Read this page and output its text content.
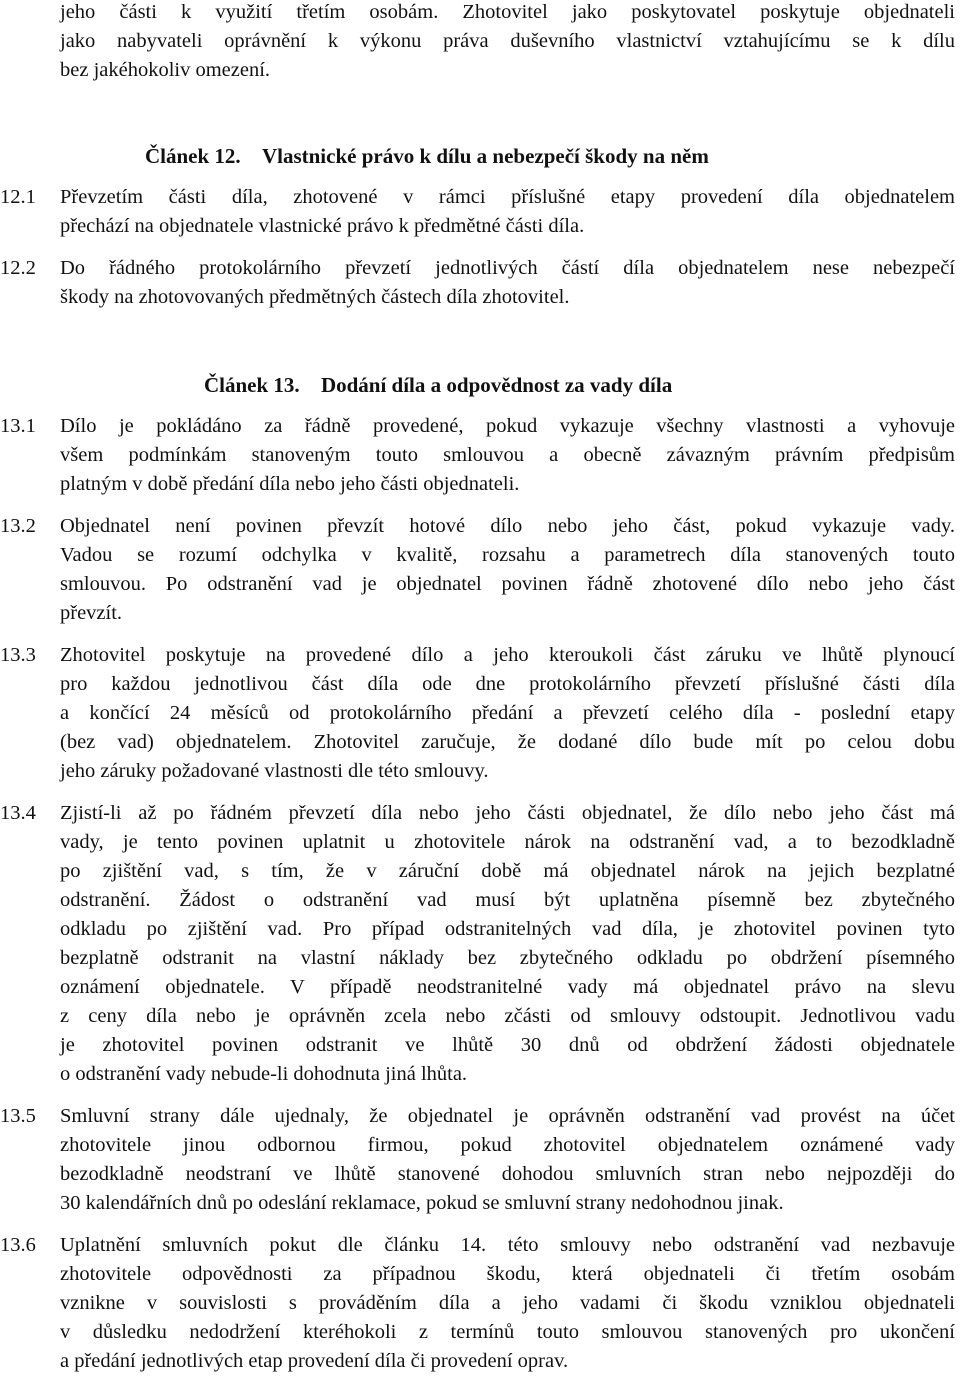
jeho části k využití třetím osobám. Zhotovitel jako poskytovatel poskytuje objednateli
jako nabyvateli oprávnění k výkonu práva duševního vlastnictví vztahujícímu se k dílu
bez jakéhokoliv omezení.
Článek 12. Vlastnické právo k dílu a nebezpečí škody na něm
12.1	Převzetím části díla, zhotovené v rámci příslušné etapy provedení díla objednatelem
přechází na objednatele vlastnické právo k předmětné části díla.
12.2	Do řádného protokolárního převzetí jednotlivých částí díla objednatelem nese nebezpečí
škody na zhotovovaných předmětných částech díla zhotovitel.
Článek 13. Dodání díla a odpovědnost za vady díla
13.1	Dílo je pokládáno za řádně provedené, pokud vykazuje všechny vlastnosti a vyhovuje
všem podmínkám stanoveným touto smlouvou a obecně závazným právním předpisům
platným v době předání díla nebo jeho části objednateli.
13.2	Objednatel není povinen převzít hotové dílo nebo jeho část, pokud vykazuje vady.
Vadou se rozumí odchylka v kvalitě, rozsahu a parametrech díla stanovených touto
smlouvou. Po odstranění vad je objednatel povinen řádně zhotovené dílo nebo jeho část
převzít.
13.3	Zhotovitel poskytuje na provedené dílo a jeho kteroukoli část záruku ve lhůtě plynoucí
pro každou jednotlivou část díla ode dne protokolárního převzetí příslušné části díla
a končící 24 měsíců od protokolárního předání a převzetí celého díla - poslední etapy
(bez vad) objednatelem. Zhotovitel zaručuje, že dodané dílo bude mít po celou dobu
jeho záruky požadované vlastnosti dle této smlouvy.
13.4	Zjistí-li až po řádném převzetí díla nebo jeho části objednatel, že dílo nebo jeho část má
vady, je tento povinen uplatnit u zhotovitele nárok na odstranění vad, a to bezodkladně
po zjištění vad, s tím, že v záruční době má objednatel nárok na jejich bezplatné
odstranění. Žádost o odstranění vad musí být uplatněna písemně bez zbytečného
odkladu po zjištění vad. Pro případ odstranitelných vad díla, je zhotovitel povinen tyto
bezplatně odstranit na vlastní náklady bez zbytečného odkladu po obdržení písemného
oznámení objednatele. V případě neodstranitelné vady má objednatel právo na slevu
z ceny díla nebo je oprávněn zcela nebo zčásti od smlouvy odstoupit. Jednotlivou vadu
je zhotovitel povinen odstranit ve lhůtě 30 dnů od obdržení žádosti objednatele
o odstranění vady nebude-li dohodnuta jiná lhůta.
13.5	Smluvní strany dále ujednaly, že objednatel je oprávněn odstranění vad provést na účet
zhotovitele jinou odbornou firmou, pokud zhotovitel objednatelem oznámené vady
bezodkladně neodstraní ve lhůtě stanovené dohodou smluvních stran nebo nejpozději do
30 kalendářních dnů po odeslání reklamace, pokud se smluvní strany nedohodnou jinak.
13.6	Uplatnění smluvních pokut dle článku 14. této smlouvy nebo odstranění vad nezbavuje
zhotovitele odpovědnosti za případnou škodu, která objednateli či třetím osobám
vznikne v souvislosti s prováděním díla a jeho vadami či škodu vzniklou objednateli
v důsledku nedodržení kteréhokoli z termínů touto smlouvou stanovených pro ukončení
a předání jednotlivých etap provedení díla či provedení oprav.
